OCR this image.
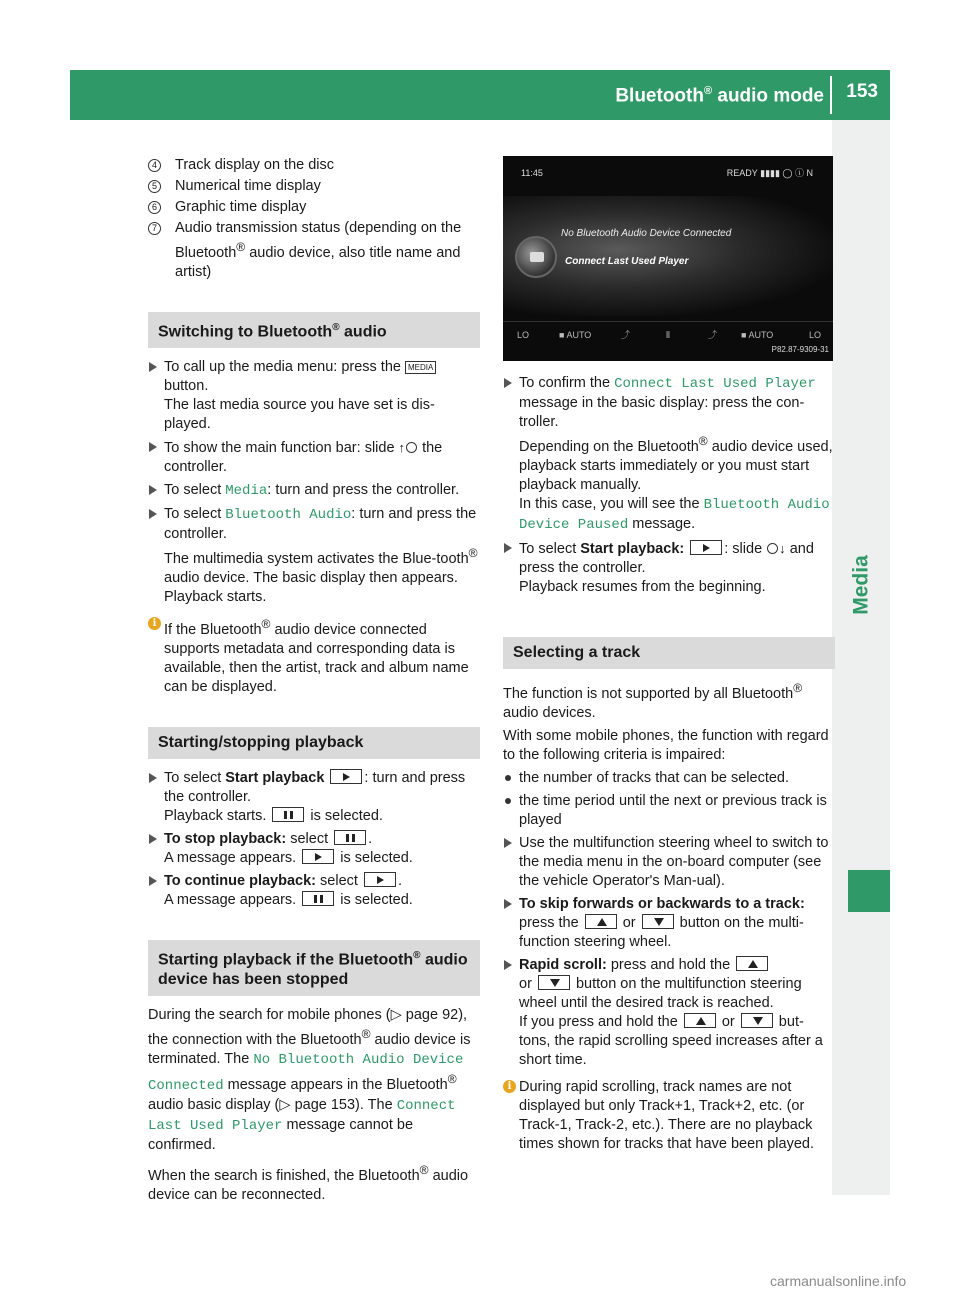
Bluetooth® audio mode 153
Media
4 Track display on the disc
5 Numerical time display
6 Graphic time display
7 Audio transmission status (depending on the Bluetooth® audio device, also title name and artist)
Switching to Bluetooth® audio
To call up the media menu: press the MEDIA button.
The last media source you have set is dis-played.
To show the main function bar: slide ↑ the controller.
To select Media: turn and press the controller.
To select Bluetooth Audio: turn and press the controller.
The multimedia system activates the Blue-tooth® audio device. The basic display then appears. Playback starts.
i If the Bluetooth® audio device connected supports metadata and corresponding data is available, then the artist, track and album name can be displayed.
Starting/stopping playback
To select Start playback	: turn and press the controller.
Playback starts.  is selected.
To stop playback: select .
A message appears.  is selected.
To continue playback: select .
A message appears.  is selected.
Starting playback if the Bluetooth® audio device has been stopped

During the search for mobile phones (▷ page 92), the connection with the Bluetooth® audio device is terminated. The No Bluetooth Audio Device Connected message appears in the Bluetooth® audio basic display (▷ page 153). The Connect Last Used Player message cannot be confirmed.

When the search is finished, the Bluetooth® audio device can be reconnected.

11:45	READY ▮▮▮▮ ◯ ⓘ N
No Bluetooth Audio Device Connected
Connect Last Used Player
LO	■ AUTO	⤴	⦀	⤴	■ AUTO	LO
P82.87-9309-31
To confirm the Connect Last Used Player message in the basic display: press the con-troller.
Depending on the Bluetooth® audio device used, playback starts immediately or you must start playback manually.
In this case, you will see the Bluetooth Audio Device Paused message.
To select Start playback:	: slide ↓ and press the controller.
Playback resumes from the beginning.
Selecting a track

The function is not supported by all Bluetooth® audio devices.

With some mobile phones, the function with regard to the following criteria is impaired:

the number of tracks that can be selected.
the time period until the next or previous track is played
Use the multifunction steering wheel to switch to the media menu in the on-board computer (see the vehicle Operator's Man-ual).
To skip forwards or backwards to a track: press the  or  button on the multi-function steering wheel.
Rapid scroll: press and hold the
or  button on the multifunction steering wheel until the desired track is reached.
If you press and hold the  or  but-tons, the rapid scrolling speed increases after a short time.
i During rapid scrolling, track names are not displayed but only Track+1, Track+2, etc. (or Track-1, Track-2, etc.). There are no playback times shown for tracks that have been played.
carmanualsonline.info
